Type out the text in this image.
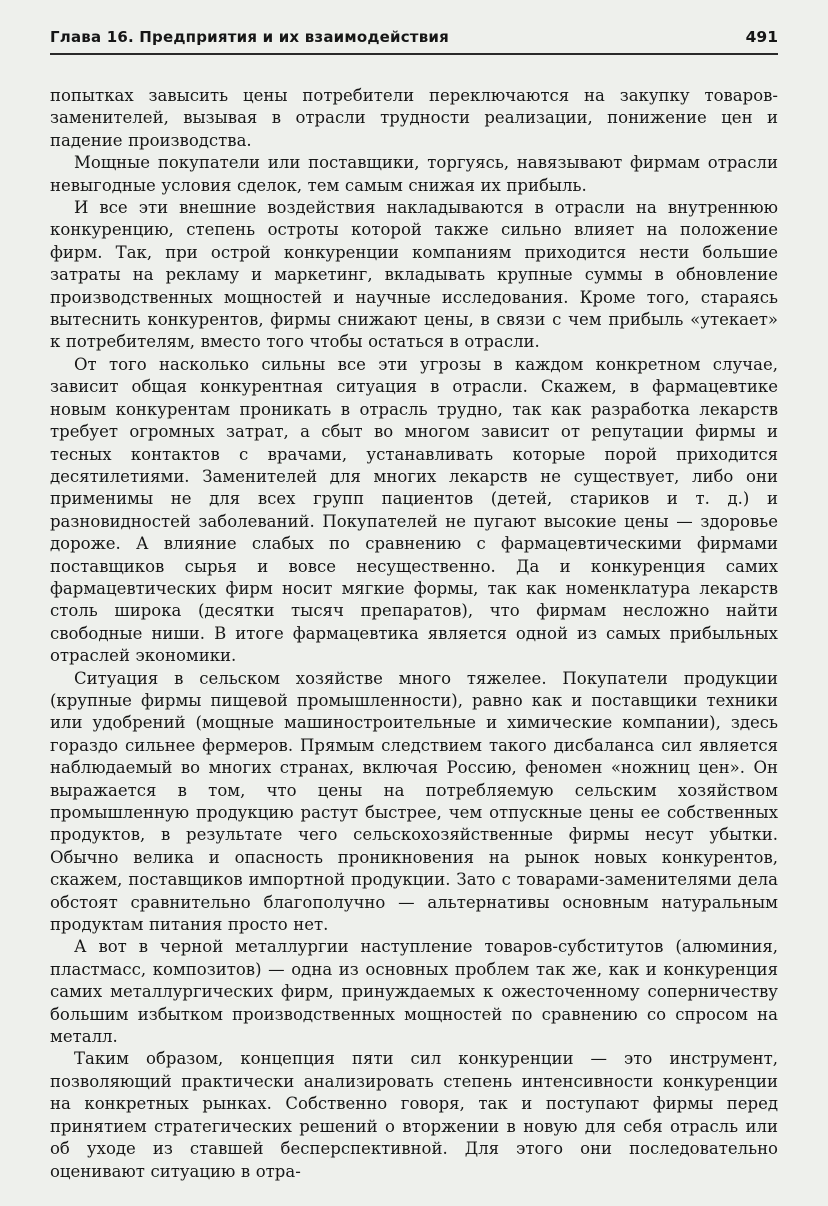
Глава 16. Предприятия и их взаимодействия	491

попытках завысить цены потребители переключаются на закупку товаров-заменителей, вызывая в отрасли трудности реализации, понижение цен и падение производства.

Мощные покупатели или поставщики, торгуясь, навязывают фирмам отрасли невыгодные условия сделок, тем самым снижая их прибыль.

И все эти внешние воздействия накладываются в отрасли на внутреннюю конкуренцию, степень остроты которой также сильно влияет на положение фирм. Так, при острой конкуренции компаниям приходится нести большие затраты на рекламу и маркетинг, вкладывать крупные суммы в обновление производственных мощностей и научные исследования. Кроме того, стараясь вытеснить конкурентов, фирмы снижают цены, в связи с чем прибыль «утекает» к потребителям, вместо того чтобы остаться в отрасли.

От того насколько сильны все эти угрозы в каждом конкретном случае, зависит общая конкурентная ситуация в отрасли. Скажем, в фармацевтике новым конкурентам проникать в отрасль трудно, так как разработка лекарств требует огромных затрат, а сбыт во многом зависит от репутации фирмы и тесных контактов с врачами, устанавливать которые порой приходится десятилетиями. Заменителей для многих лекарств не существует, либо они применимы не для всех групп пациентов (детей, стариков и т. д.) и разновидностей заболеваний. Покупателей не пугают высокие цены — здоровье дороже. А влияние слабых по сравнению с фармацевтическими фирмами поставщиков сырья и вовсе несущественно. Да и конкуренция самих фармацевтических фирм носит мягкие формы, так как номенклатура лекарств столь широка (десятки тысяч препаратов), что фирмам несложно найти свободные ниши. В итоге фармацевтика является одной из самых прибыльных отраслей экономики.

Ситуация в сельском хозяйстве много тяжелее. Покупатели продукции (крупные фирмы пищевой промышленности), равно как и поставщики техники или удобрений (мощные машиностроительные и химические компании), здесь гораздо сильнее фермеров. Прямым следствием такого дисбаланса сил является наблюдаемый во многих странах, включая Россию, феномен «ножниц цен». Он выражается в том, что цены на потребляемую сельским хозяйством промышленную продукцию растут быстрее, чем отпускные цены ее собственных продуктов, в результате чего сельскохозяйственные фирмы несут убытки. Обычно велика и опасность проникновения на рынок новых конкурентов, скажем, поставщиков импортной продукции. Зато с товарами-заменителями дела обстоят сравнительно благополучно — альтернативы основным натуральным продуктам питания просто нет.

А вот в черной металлургии наступление товаров-субститутов (алюминия, пластмасс, композитов) — одна из основных проблем так же, как и конкуренция самих металлургических фирм, принуждаемых к ожесточенному соперничеству большим избытком производственных мощностей по сравнению со спросом на металл.

Таким образом, концепция пяти сил конкуренции — это инструмент, позволяющий практически анализировать степень интенсивности конкуренции на конкретных рынках. Собственно говоря, так и поступают фирмы перед принятием стратегических решений о вторжении в новую для себя отрасль или об уходе из ставшей бесперспективной. Для этого они последовательно оценивают ситуацию в отра-
